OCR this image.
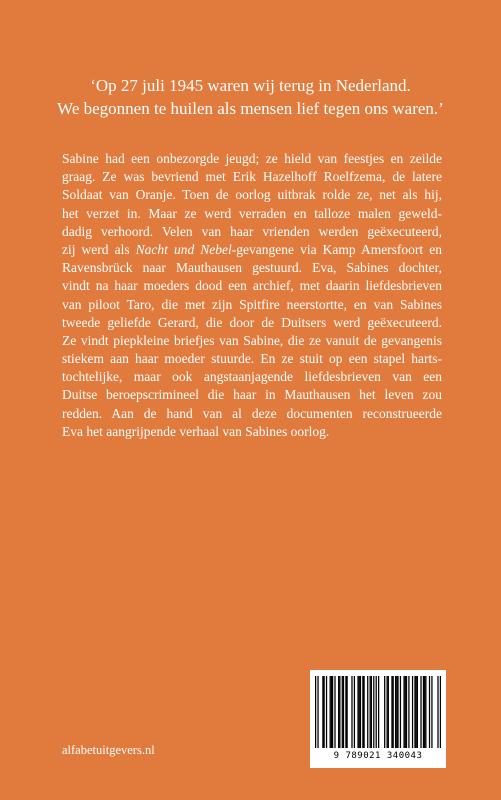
‘Op 27 juli 1945 waren wij terug in Nederland.
We begonnen te huilen als mensen lief tegen ons waren.’
Sabine had een onbezorgde jeugd; ze hield van feestjes en zeilde
graag. Ze was bevriend met Erik Hazelhoff Roelfzema, de latere
Soldaat van Oranje. Toen de oorlog uitbrak rolde ze, net als hij,
het verzet in. Maar ze werd verraden en talloze malen geweld-
dadig verhoord. Velen van haar vrienden werden geëxecuteerd,
zij werd als Nacht und Nebel-gevangene via Kamp Amersfoort en
Ravensbrück naar Mauthausen gestuurd. Eva, Sabines dochter,
vindt na haar moeders dood een archief, met daarin liefdesbrieven
van piloot Taro, die met zijn Spitfire neerstortte, en van Sabines
tweede geliefde Gerard, die door de Duitsers werd geëxecuteerd.
Ze vindt piepkleine briefjes van Sabine, die ze vanuit de gevangenis
stiekem aan haar moeder stuurde. En ze stuit op een stapel harts-
tochtelijke, maar ook angstaanjagende liefdesbrieven van een
Duitse beroepscrimineel die haar in Mauthausen het leven zou
redden. Aan de hand van al deze documenten reconstrueerde
Eva het aangrijpende verhaal van Sabines oorlog.
alfabetuitgevers.nl	9 789021 340043
